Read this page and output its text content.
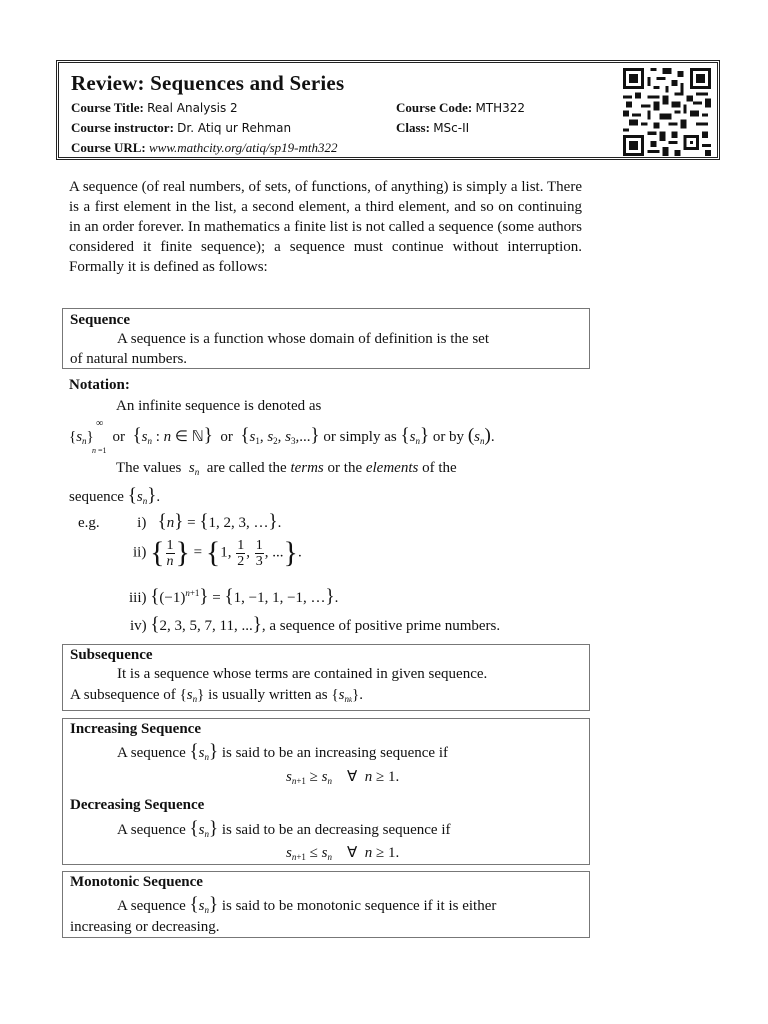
Review: Sequences and Series
Course Title: Real Analysis 2	Course Code: MTH322
Course instructor: Dr. Atiq ur Rehman	Class: MSc-II
Course URL: www.mathcity.org/atiq/sp19-mth322
A sequence (of real numbers, of sets, of functions, of anything) is simply a list. There is a first element in the list, a second element, a third element, and so on continuing in an order forever. In mathematics a finite list is not called a sequence (some authors considered it finite sequence); a sequence must continue without interruption. Formally it is defined as follows:
Sequence
A sequence is a function whose domain of definition is the set
of natural numbers.
Notation:
An infinite sequence is denoted as
$\{s_n\}$
∞
n =1
or {$s_n$ : n ∈ ℕ} or {$s_1$, $s_2$, $s_3$,...} or simply as $\{s_n\}$ or by $(s_n)$.
The values $s_n$ are called the terms or the elements of the
sequence $\{s_n\}$.
e.g.	i) {n} = {1, 2, 3, …}.
ii) { $\frac{1}{n}$ } = {1, $\frac{1}{2}$ , $\frac{1}{3}$ , ...}.
iii) $\{(-1)^{n+1}\} = \{1$, −1, 1, −1, …}.
iv) {2, 3, 5, 7, 11, ...}, a sequence of positive prime numbers.
Subsequence
It is a sequence whose terms are contained in given sequence.
A subsequence of $\{s_n\}$ is usually written as $\{s_{nk}\}$.
Increasing Sequence
A sequence $\{s_n\}$ is said to be an increasing sequence if
$s_{n+1} \ge s_n$    ∀  n ≥ 1.
Decreasing Sequence
A sequence $\{s_n\}$ is said to be an decreasing sequence if
$s_{n+1} \le s_n$    ∀  n ≥ 1.
Monotonic Sequence
A sequence $\{s_n\}$ is said to be monotonic sequence if it is either
increasing or decreasing.
